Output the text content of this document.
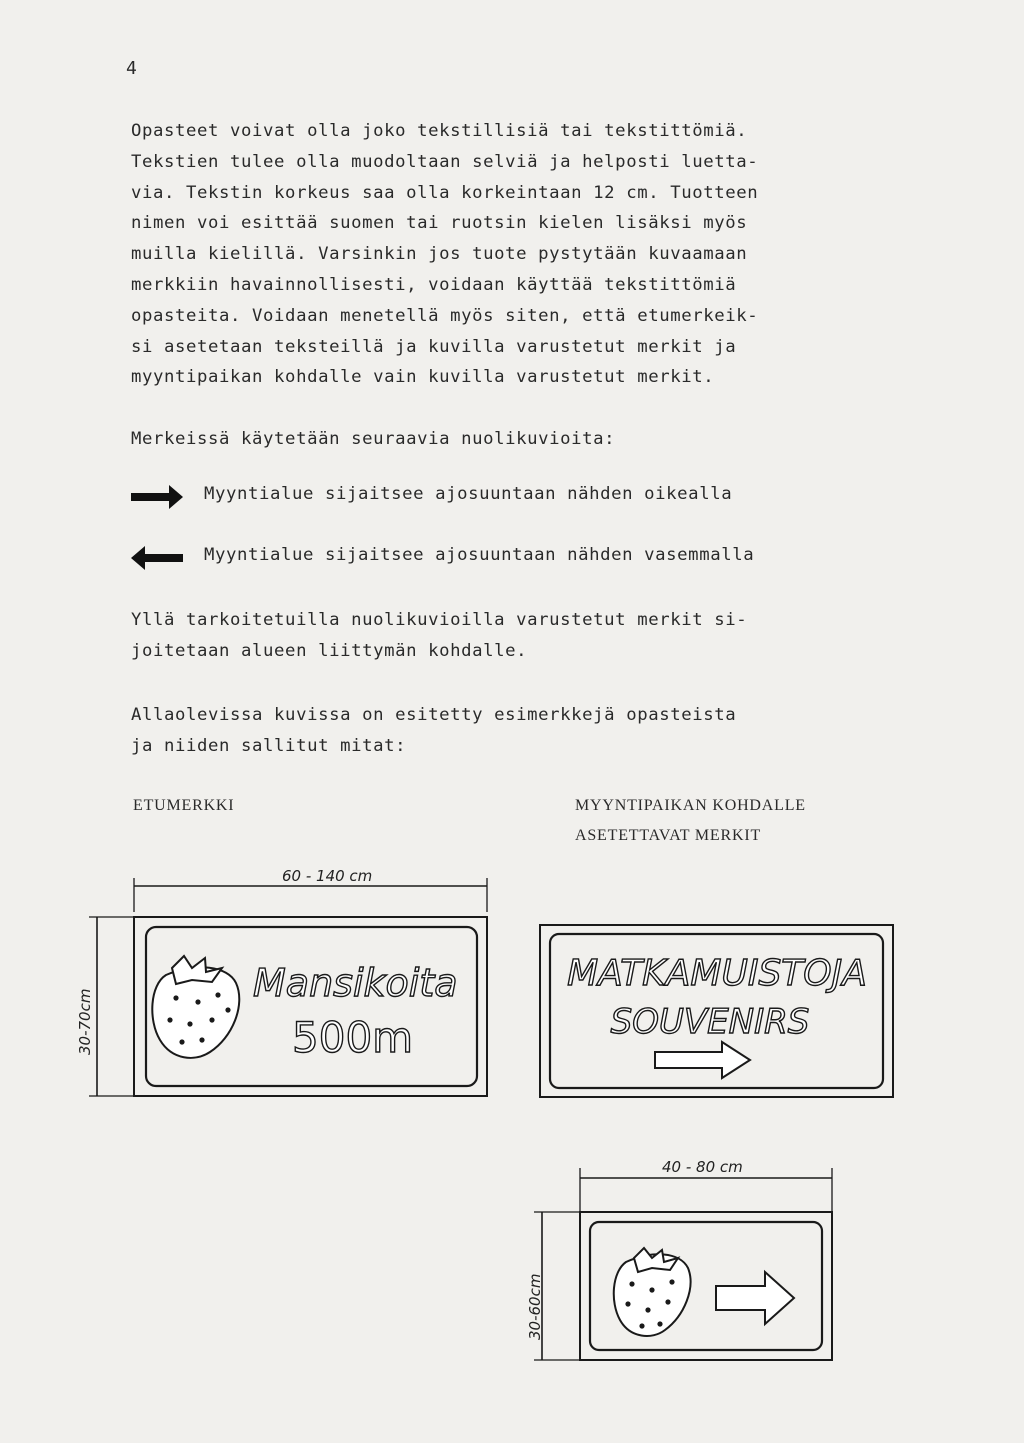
4
Opasteet voivat olla joko tekstillisiä tai tekstittömiä.
Tekstien tulee olla muodoltaan selviä ja helposti luetta-
via. Tekstin korkeus saa olla korkeintaan 12 cm. Tuotteen
nimen voi esittää suomen tai ruotsin kielen lisäksi myös
muilla kielillä. Varsinkin jos tuote pystytään kuvaamaan
merkkiin havainnollisesti, voidaan käyttää tekstittömiä
opasteita. Voidaan menetellä myös siten, että etumerkeik-
si asetetaan teksteillä ja kuvilla varustetut merkit ja
myyntipaikan kohdalle vain kuvilla varustetut merkit.
Merkeissä käytetään seuraavia nuolikuvioita:
Myyntialue sijaitsee ajosuuntaan nähden oikealla
Myyntialue sijaitsee ajosuuntaan nähden vasemmalla
Yllä tarkoitetuilla nuolikuvioilla varustetut merkit si-
joitetaan alueen liittymän kohdalle.
Allaolevissa kuvissa on esitetty esimerkkejä opasteista
ja niiden sallitut mitat:
ETUMERKKI	MYYNTIPAIKAN KOHDALLE
ASETETTAVAT MERKIT
60 - 140 cm
30-70cm
Mansikoita
500m
MATKAMUISTOJA
SOUVENIRS
40 - 80 cm
30-60cm
